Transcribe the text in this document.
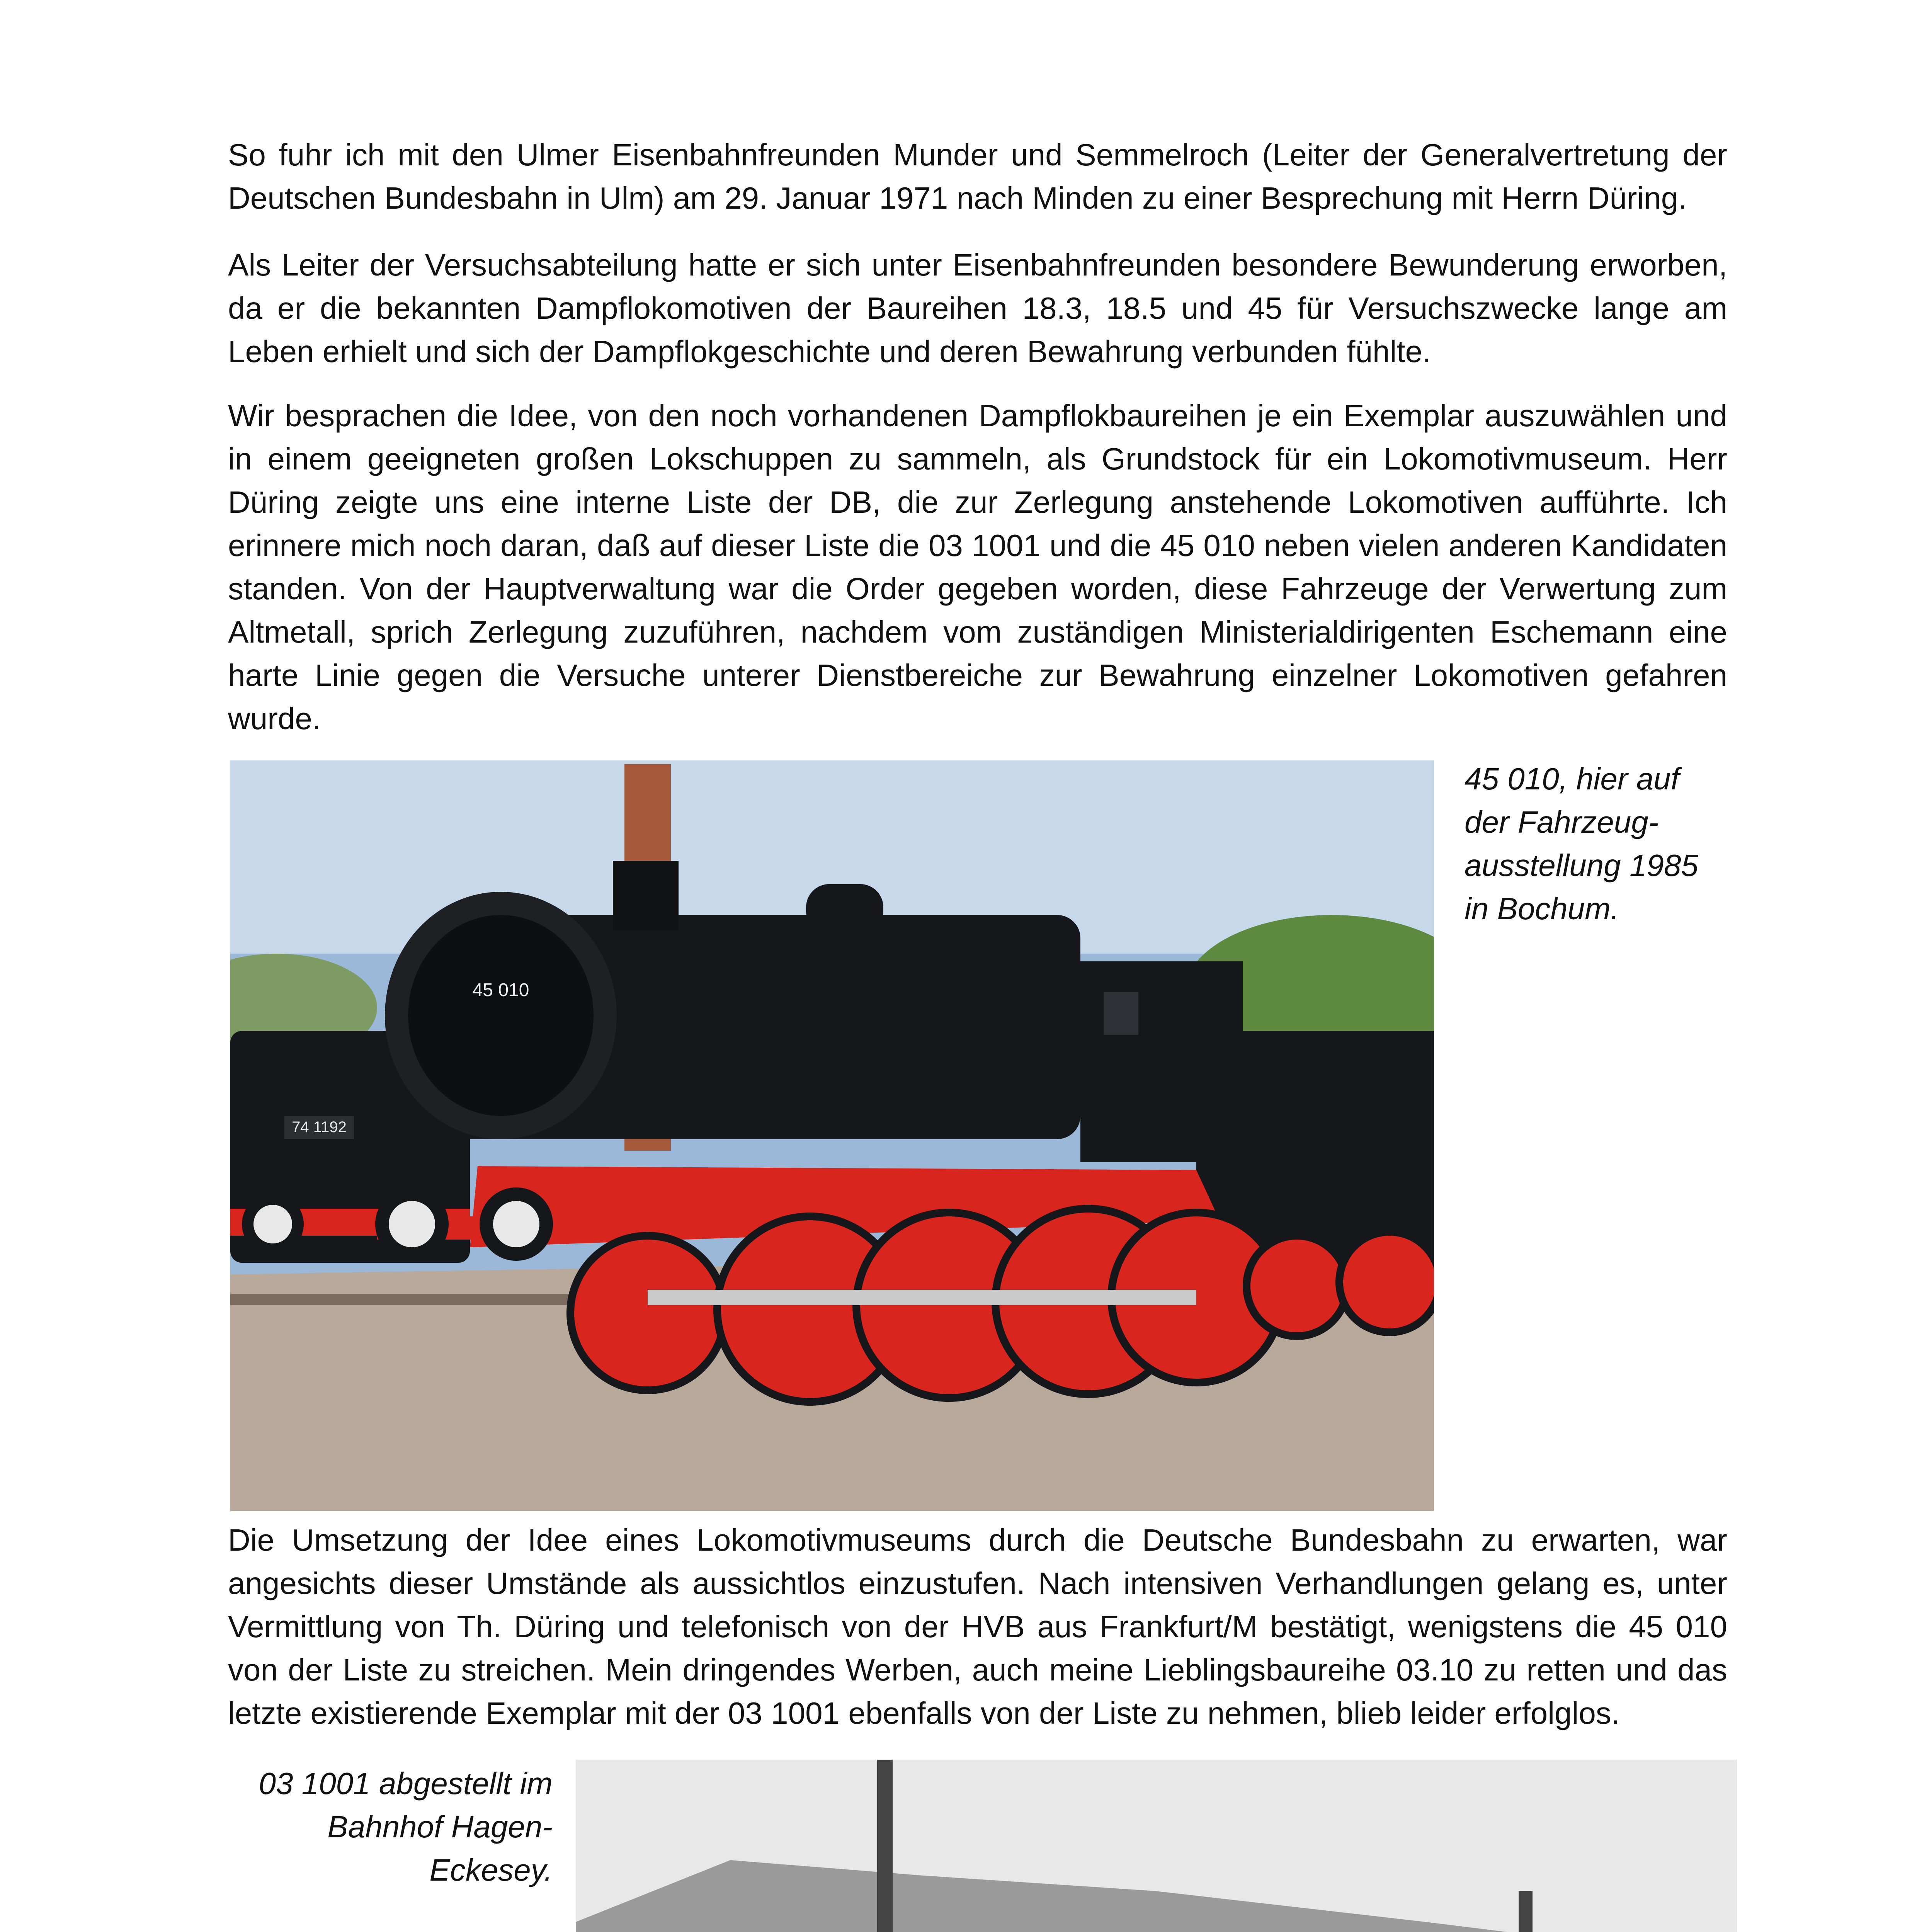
So fuhr ich mit den Ulmer Eisenbahnfreunden Munder und Semmelroch (Leiter der Generalvertretung der Deutschen Bundesbahn in Ulm) am 29. Januar 1971 nach Minden zu einer Besprechung mit Herrn Düring.

Als Leiter der Versuchsabteilung hatte er sich unter Eisenbahnfreunden besondere Bewunderung erworben, da er die bekannten Dampflokomotiven der Baureihen 18.3, 18.5 und 45 für Versuchszwecke lange am Leben erhielt und sich der Dampflokgeschichte und deren Bewahrung verbunden fühlte.

Wir besprachen die Idee, von den noch vorhandenen Dampflokbaureihen je ein Exemplar auszuwählen und in einem geeigneten großen Lokschuppen zu sammeln, als Grundstock für ein Lokomotivmuseum. Herr Düring zeigte uns eine interne Liste der DB, die zur Zerlegung anstehende Lokomotiven aufführte. Ich erinnere mich noch daran, daß auf dieser Liste die 03 1001 und die 45 010 neben vielen anderen Kandidaten standen. Von der Hauptverwaltung war die Order gegeben worden, diese Fahrzeuge der Verwertung zum Altmetall, sprich Zerlegung zuzuführen, nachdem vom zuständigen Ministerialdirigenten Eschemann eine harte Linie gegen die Versuche unterer Dienstbereiche zur Bewahrung einzelner Lokomotiven gefahren wurde.

74 1192
45 010

45 010, hier auf der Fahrzeug-ausstellung 1985 in Bochum.

Die Umsetzung der Idee eines Lokomotivmuseums durch die Deutsche Bundesbahn zu erwarten, war angesichts dieser Umstände als aussichtlos einzustufen. Nach intensiven Verhandlungen gelang es, unter Vermittlung von Th. Düring und telefonisch von der HVB aus Frankfurt/M bestätigt, wenigstens die 45 010 von der Liste zu streichen. Mein dringendes Werben, auch meine Lieblingsbaureihe 03.10 zu retten und das letzte existierende Exemplar mit der 03 1001 ebenfalls von der Liste zu nehmen, blieb leider erfolglos.

03 1001 abgestellt im Bahnhof Hagen-Eckesey.
